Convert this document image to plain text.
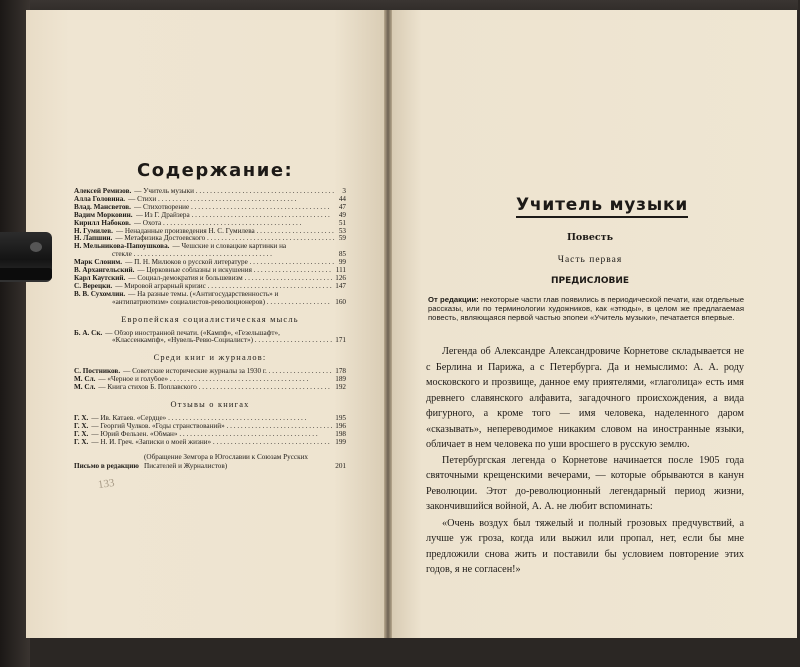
Содержание:
Алексей Ремизов. — Учитель музыки . .	3
Алла Головина. — Стихи . .	44
Влад. Мансветов. — Стихотворение . .	47
Вадим Морковин. — Из Г. Драйзера . .	49
Кирилл Набоков. — Охота . .	51
Н. Гумилев. — Ненаданные произведения Н. С. Гумилева . .	53
Н. Лапшин. — Метафизика Достоевского . .	59
Н. Мельникова-Папоушкова. — Чешские и словацкие картинки на
стекле . .	85
Марк Слоним. — П. Н. Милюков о русской литературе . .	99
В. Архангельский. — Церковные соблазны и искушения . .	111
Карл Каутский. — Социал-демократия и большевизм . .	126
С. Верецки. — Мировой аграрный кризис . .	147
В. В. Сухомлин. — На разные темы. («Антигосударственность» и
«антипатриотизм» социалистов-революционеров) . .	160
Европейская социалистическая мысль
Б. А. Ск. — Обзор иностранной печати. («Кампф», «Гезельшафт»,
«Классенкампф», «Нувель-Ревю-Социалист») . .	171
Среди книг и журналов:
С. Постников. — Советские исторические журналы за 1930 г. . .	178
М. Сл. — «Черное и голубое» . .	189
М. Сл. — Книга стихов Б. Поплавского . .	192
Отзывы о книгах
Г. Х. — Ив. Катаев. «Сердце» . .	195
Г. Х. — Георгий Чулков. «Годы странствований» . .	196
Г. Х. — Юрий Фельзен. «Обман» . .	198
Г. Х. — Н. И. Греч. «Записки о моей жизни» . .	199
Письмо в редакцию
(Обращение Земгора в Югославии к Союзам Русских Писателей и Журналистов)	201
133
Учитель музыки
Повесть
Часть первая
ПРЕДИСЛОВИЕ
От редакции: некоторые части глав появились в периодической печати, как отдельные рассказы, или по терминологии художников, как «этюды», в целом же предлагаемая повесть, являющаяся первой частью эпопеи «Учитель музыки», печатается впервые.

Легенда об Александре Александровиче Корнетове складывается не с Берлина и Парижа, а с Петербурга. Да и немыслимо: А. А. роду московского и прозвище, данное ему приятелями, «глаголица» есть имя древнего славянского алфавита, загадочного происхождения, а вида фигурного, а кроме того — имя человека, наделенного даром «сказывать», непереводимое никаким словом на иностранные языки, обличает в нем человека по уши вросшего в русскую землю.

Петербургская легенда о Корнетове начинается после 1905 года святочными крещенскими вечерами, — которые обрываются в канун Революции. Этот до-революционный легендарный период жизни, закончившийся войной, А. А. не любит вспоминать:

«Очень воздух был тяжелый и полный грозовых предчувствий, а лучше уж гроза, когда или выжил или пропал, нет, если бы мне предложили снова жить и поставили бы условием повторение этих годов, я не согласен!»
